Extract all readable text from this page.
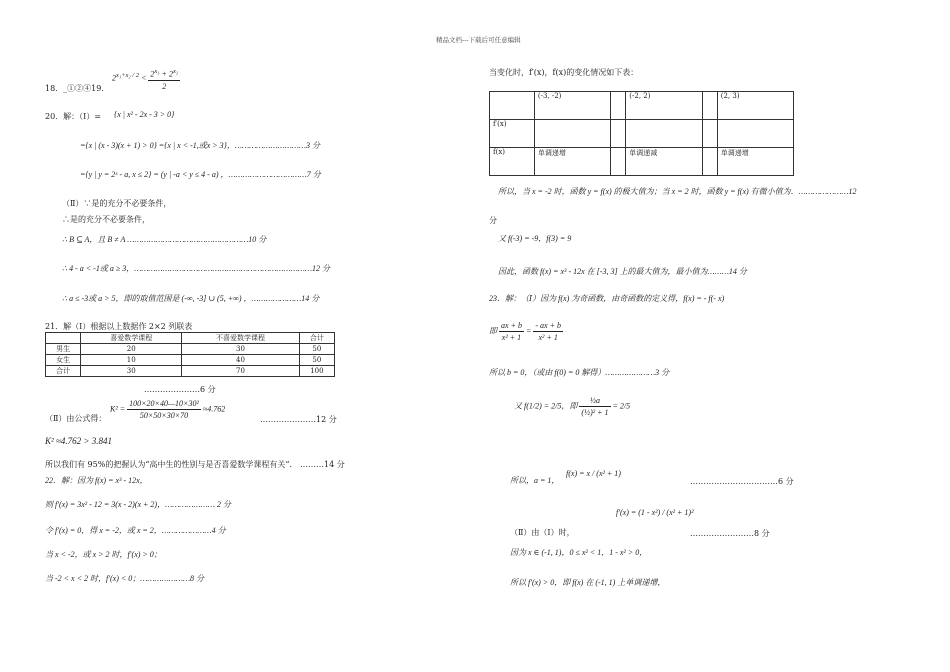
精品文档---下载后可任意编辑
18．_①②④19．
$2^{x_1+x_2 / 2} < \frac{2^{x_1} + 2^{x_2}}{2}$
20．解：（Ⅰ）= {x | x² - 2x - 3 > 0}
={x | (x - 3)(x + 1) > 0} ={x | x < -1,或x > 3}，…………………………3 分
={y | y = 2ˣ - a, x ≤ 2} = (y | -a < y ≤ 4 - a) ，……………………………7 分
（Ⅱ）∵是的充分不必要条件，
∴是的充分不必要条件，
∴ B ⊆ A，且 B ≠ A ……………………………………………10 分
∴ 4 - a < -1或 a ≥ 3，…………………………………………………………………12 分
∴ a ≤ -3或 a > 5，即的取值范围是 (-∞, -3] ∪ (5, +∞) ，…………………14 分
21．解（Ⅰ）根据以上数据作 2×2 列联表
	喜爱数学课程	不喜爱数学课程	合计
男生	20	30	50
女生	10	40	50
合计	30	70	100
…………………6 分
（Ⅱ）由公式得：
$K^2 = \frac{\text{100×20×40—10×30²}}{50\times 50\times 30\times 70} \approx 4.762$
…………………12 分
K² ≈4.762 > 3.841
所以我们有 95%的把握认为“高中生的性别与是否喜爱数学课程有关”． ………14 分
22．解：因为 f(x) = x³ - 12x，
则 f′(x) = 3x² - 12 = 3(x - 2)(x + 2)，………………… 2 分
令 f′(x) = 0，得 x = -2，或 x = 2，…………………4 分
当 x < -2，或 x > 2 时，f′(x) > 0；
当 -2 < x < 2 时，f′(x) < 0；…………………8 分
当变化时，f′(x)，f(x)的变化情况如下表：
	(-3, -2)		(-2, 2)		(2, 3)
f′(x)					
f(x)	单调递增		单调递减		单调递增
所以，当 x = -2 时，函数 y = f(x) 的极大值为；当 x = 2 时，函数 y = f(x) 有微小值为．…………………12
分
又 f(-3) = -9，f(3) = 9
因此，函数 f(x) = x³ - 12x 在 [-3, 3] 上的最大值为，最小值为………14 分
23．解：（Ⅰ）因为 f(x) 为奇函数，由奇函数的定义得，f(x) = - f(- x)
即 $\frac{ax + b}{\text{x² + 1}} = \frac{- ax + b}{\text{x² + 1}}$
所以 b = 0，（或由 f(0) = 0 解得）…………………3 分
又 f(1/2) = 2/5，即 $\frac{\text{½a}}{\text{(½)² + 1}} = 2/5$
所以，a = 1，
f(x) = x / (x² + 1)
……………………………6 分
（Ⅱ）由（Ⅰ）时，
f′(x) = (1 - x²) / (x² + 1)²
……………………8 分
因为 x ∈ (-1, 1)，0 ≤ x² < 1，1 - x² > 0，
所以 f′(x) > 0，即 f(x) 在 (-1, 1) 上单调递增，
